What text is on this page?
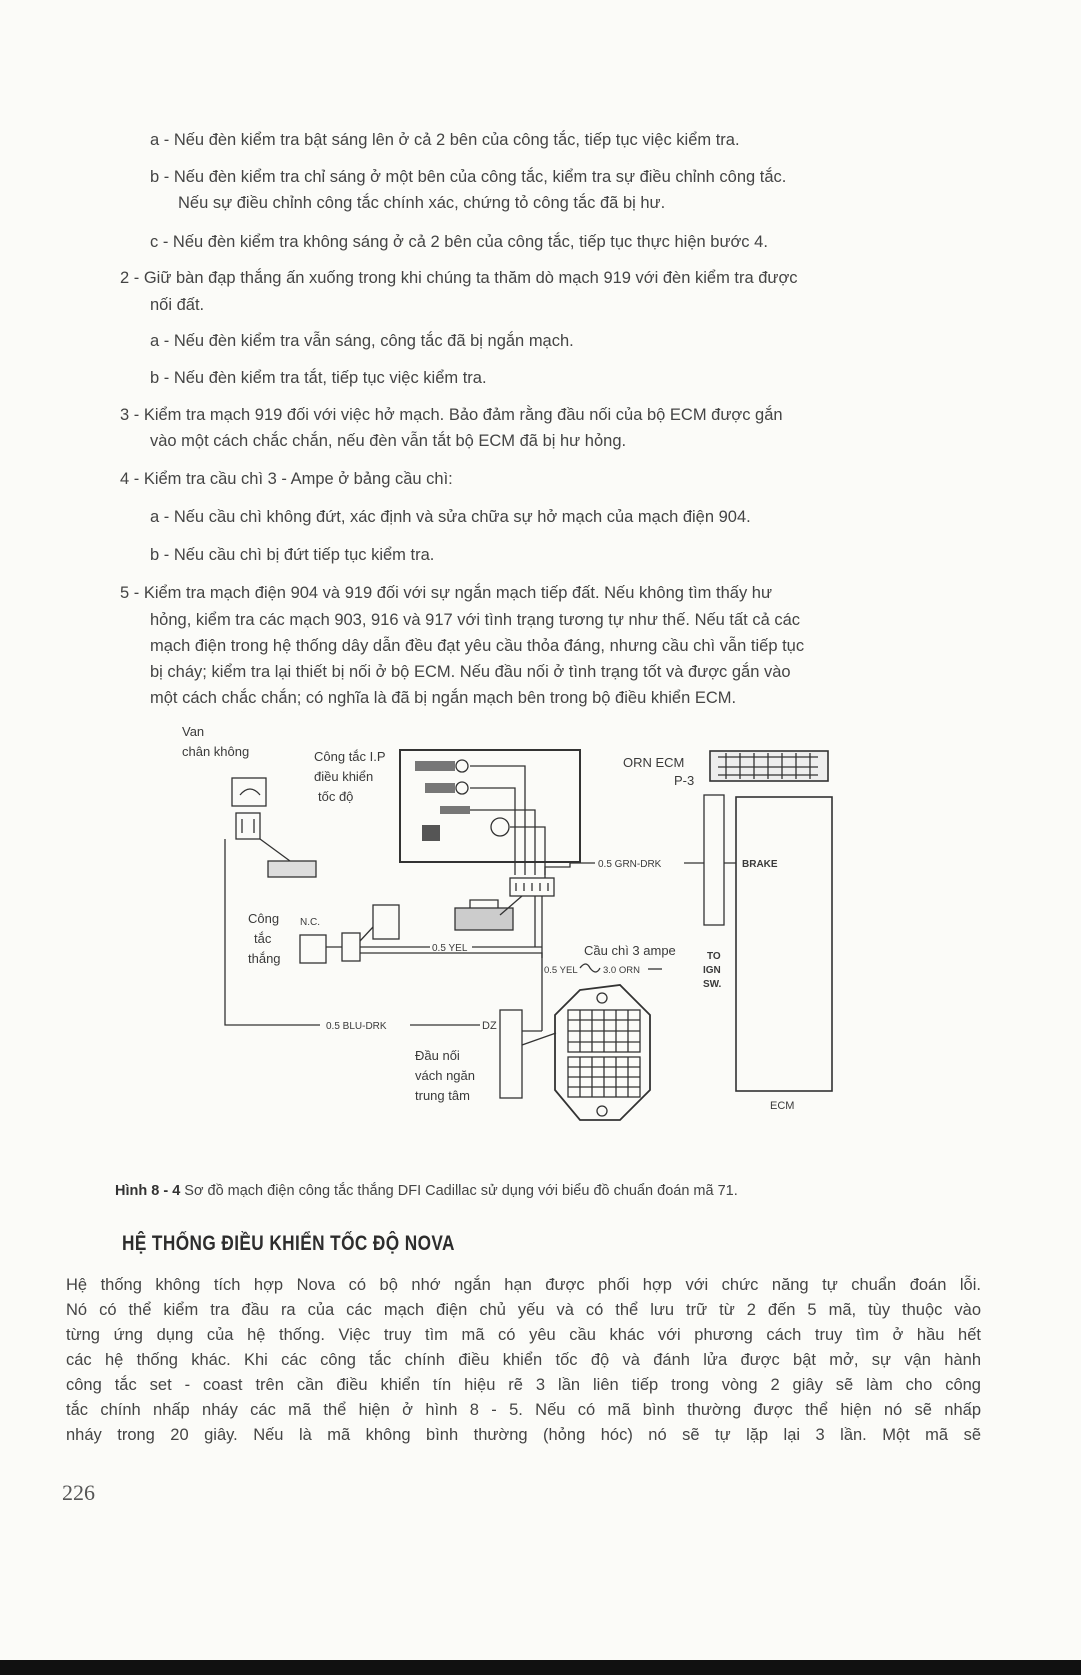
a - Nếu đèn kiểm tra bật sáng lên ở cả 2 bên của công tắc, tiếp tục việc kiểm tra.
b - Nếu đèn kiểm tra chỉ sáng ở một bên của công tắc, kiểm tra sự điều chỉnh công tắc.
Nếu sự điều chỉnh công tắc chính xác, chứng tỏ công tắc đã bị hư.
c - Nếu đèn kiểm tra không sáng ở cả 2 bên của công tắc, tiếp tục thực hiện bước 4.
2 - Giữ bàn đạp thắng ấn xuống trong khi chúng ta thăm dò mạch 919 với đèn kiểm tra được
nối đất.
a - Nếu đèn kiểm tra vẫn sáng, công tắc đã bị ngắn mạch.
b - Nếu đèn kiểm tra tắt, tiếp tục việc kiểm tra.
3 - Kiểm tra mạch 919 đối với việc hở mạch. Bảo đảm rằng đầu nối của bộ ECM được gắn
vào một cách chắc chắn, nếu đèn vẫn tắt bộ ECM đã bị hư hỏng.
4 - Kiểm tra cầu chì 3 - Ampe ở bảng cầu chì:
a - Nếu cầu chì không đứt, xác định và sửa chữa sự hở mạch của mạch điện 904.
b - Nếu cầu chì bị đứt tiếp tục kiểm tra.
5 - Kiểm tra mạch điện 904 và 919 đối với sự ngắn mạch tiếp đất. Nếu không tìm thấy hư
hỏng, kiểm tra các mạch 903, 916 và 917 với tình trạng tương tự như thế. Nếu tất cả các
mạch điện trong hệ thống dây dẫn đều đạt yêu cầu thỏa đáng, nhưng cầu chì vẫn tiếp tục
bị cháy; kiểm tra lại thiết bị nối ở bộ ECM. Nếu đầu nối ở tình trạng tốt và được gắn vào
một cách chắc chắn; có nghĩa là đã bị ngắn mạch bên trong bộ điều khiển ECM.
Van
chân không	Công tắc I.P
điều khiển
tốc độ
ORN ECM
P-3
ECM
0.5 GRN-DRK	BRAKE
Công
tắc
thắng
N.C.
0.5 YEL	Cầu chì 3 ampe
0.5 YEL	3.0 ORN
TO
IGN
SW.
0.5 BLU-DRK	DZ
Đầu nối
vách ngăn
trung tâm
Hình 8 - 4 Sơ đồ mạch điện công tắc thắng DFI Cadillac sử dụng với biểu đồ chuẩn đoán mã 71.
HỆ THỐNG ĐIỀU KHIỂN TỐC ĐỘ NOVA
Hệ thống không tích hợp Nova có bộ nhớ ngắn hạn được phối hợp với chức năng tự chuẩn đoán lỗi.
Nó có thể kiểm tra đầu ra của các mạch điện chủ yếu và có thể lưu trữ từ 2 đến 5 mã, tùy thuộc vào
từng ứng dụng của hệ thống. Việc truy tìm mã có yêu cầu khác với phương cách truy tìm ở hầu hết
các hệ thống khác. Khi các công tắc chính điều khiển tốc độ và đánh lửa được bật mở, sự vận hành
công tắc set - coast trên cần điều khiển tín hiệu rẽ 3 lần liên tiếp trong vòng 2 giây sẽ làm cho công
tắc chính nhấp nháy các mã thể hiện ở hình 8 - 5. Nếu có mã bình thường được thể hiện nó sẽ nhấp
nháy trong 20 giây. Nếu là mã không bình thường (hỏng hóc) nó sẽ tự lặp lại 3 lần. Một mã sẽ
226
